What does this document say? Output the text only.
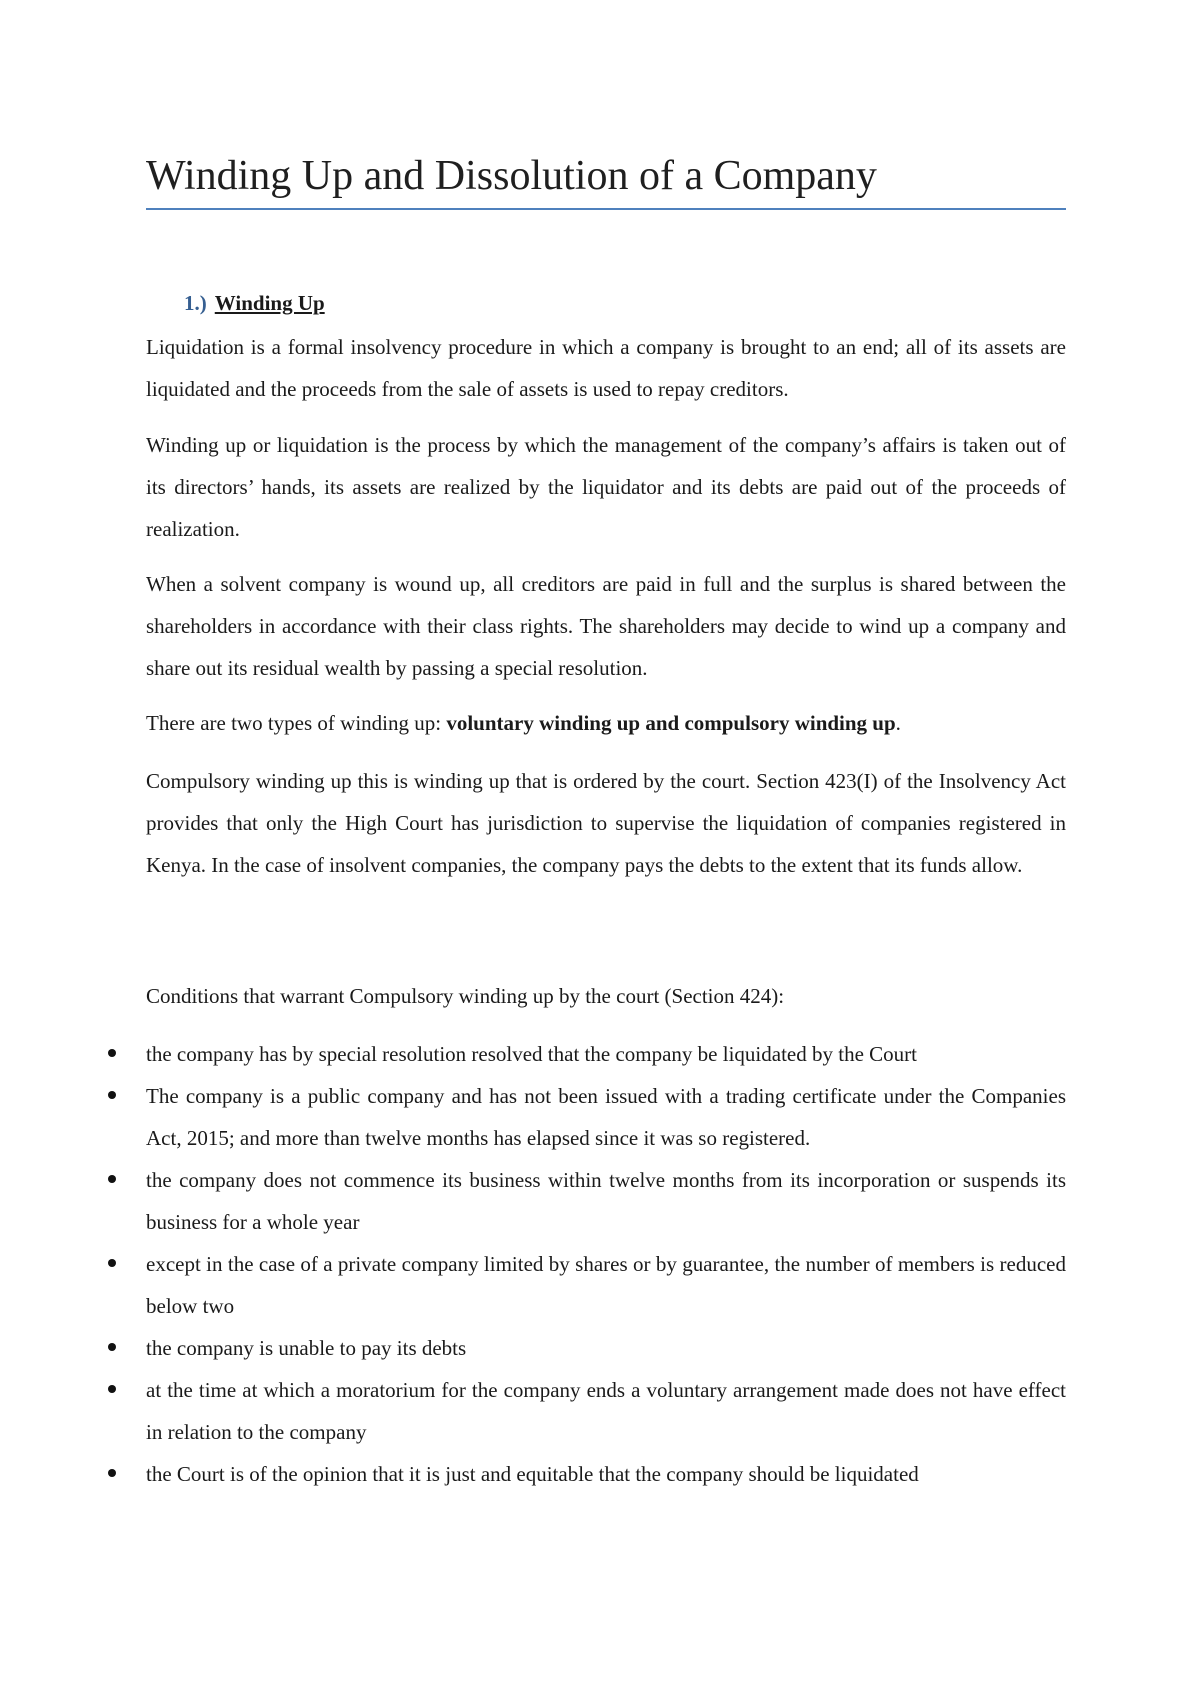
Winding Up and Dissolution of a Company
1.) Winding Up

Liquidation is a formal insolvency procedure in which a company is brought to an end; all of its assets are liquidated and the proceeds from the sale of assets is used to repay creditors.

Winding up or liquidation is the process by which the management of the company’s affairs is taken out of its directors’ hands, its assets are realized by the liquidator and its debts are paid out of the proceeds of realization.

When a solvent company is wound up, all creditors are paid in full and the surplus is shared between the shareholders in accordance with their class rights. The shareholders may decide to wind up a company and share out its residual wealth by passing a special resolution.

There are two types of winding up: voluntary winding up and compulsory winding up.

Compulsory winding up this is winding up that is ordered by the court. Section 423(I) of the Insolvency Act provides that only the High Court has jurisdiction to supervise the liquidation of companies registered in Kenya. In the case of insolvent companies, the company pays the debts to the extent that its funds allow.

Conditions that warrant Compulsory winding up by the court (Section 424):

the company has by special resolution resolved that the company be liquidated by the Court
The company is a public company and has not been issued with a trading certificate under the Companies Act, 2015; and more than twelve months has elapsed since it was so registered.
the company does not commence its business within twelve months from its incorporation or suspends its business for a whole year
except in the case of a private company limited by shares or by guarantee, the number of members is reduced below two
the company is unable to pay its debts
at the time at which a moratorium for the company ends a voluntary arrangement made does not have effect in relation to the company
the Court is of the opinion that it is just and equitable that the company should be liquidated
